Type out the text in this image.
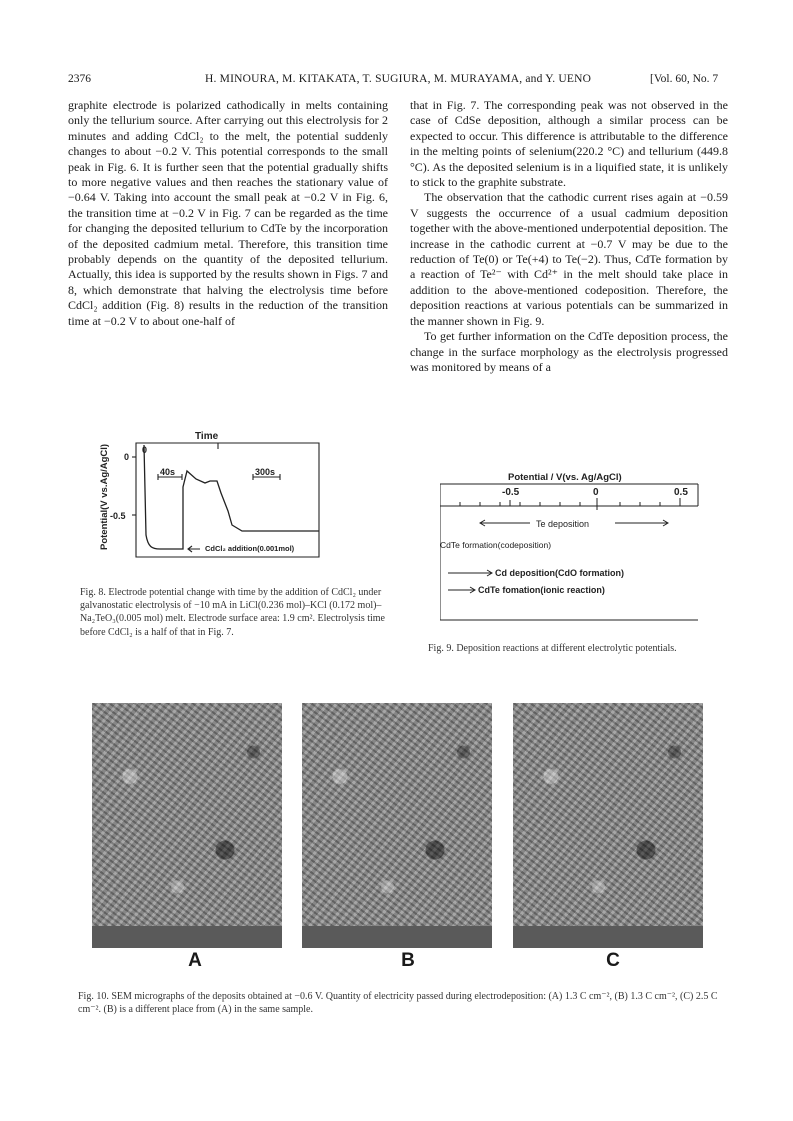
2376	H. MINOURA, M. KITAKATA, T. SUGIURA, M. MURAYAMA, and Y. UENO	[Vol. 60, No. 7

graphite electrode is polarized cathodically in melts containing only the tellurium source. After carrying out this electrolysis for 2 minutes and adding CdCl₂ to the melt, the potential suddenly changes to about −0.2 V. This potential corresponds to the small peak in Fig. 6. It is further seen that the potential gradually shifts to more negative values and then reaches the stationary value of −0.64 V. Taking into account the small peak at −0.2 V in Fig. 6, the transition time at −0.2 V in Fig. 7 can be regarded as the time for changing the deposited tellurium to CdTe by the incorporation of the deposited cadmium metal. Therefore, this transition time probably depends on the quantity of the deposited tellurium. Actually, this idea is supported by the results shown in Figs. 7 and 8, which demonstrate that halving the electrolysis time before CdCl₂ addition (Fig. 8) results in the reduction of the transition time at −0.2 V to about one-half of

that in Fig. 7. The corresponding peak was not observed in the case of CdSe deposition, although a similar process can be expected to occur. This difference is attributable to the difference in the melting points of selenium(220.2 °C) and tellurium (449.8 °C). As the deposited selenium is in a liquified state, it is unlikely to stick to the graphite substrate.

The observation that the cathodic current rises again at −0.59 V suggests the occurrence of a usual cadmium deposition together with the above-mentioned underpotential deposition. The increase in the cathodic current at −0.7 V may be due to the reduction of Te(0) or Te(+4) to Te(−2). Thus, CdTe formation by a reaction of Te²⁻ with Cd²⁺ in the melt should take place in addition to the above-mentioned codeposition. Therefore, the deposition reactions at various potentials can be summarized in the manner shown in Fig. 9.

To get further information on the CdTe deposition process, the change in the surface morphology as the electrolysis progressed was monitored by means of a

Potential(V vs.Ag/AgCl)
Time
0
0
-0.5
40s	300s
CdCl₂ addition(0.001mol)
Fig. 8. Electrode potential change with time by the addition of CdCl₂ under galvanostatic electrolysis of −10 mA in LiCl(0.236 mol)–KCl (0.172 mol)–Na₂TeO₃(0.005 mol) melt. Electrode surface area: 1.9 cm². Electrolysis time before CdCl₂ is a half of that in Fig. 7.
Potential / V(vs. Ag/AgCl)
-0.5	0	0.5
Te deposition
CdTe formation(codeposition)
Cd deposition(CdO formation)
CdTe fomation(ionic reaction)
Fig. 9. Deposition reactions at different electrolytic potentials.
A	B	C
Fig. 10. SEM micrographs of the deposits obtained at −0.6 V. Quantity of electricity passed during electrodeposition: (A) 1.3 C cm⁻², (B) 1.3 C cm⁻², (C) 2.5 C cm⁻². (B) is a different place from (A) in the same sample.
